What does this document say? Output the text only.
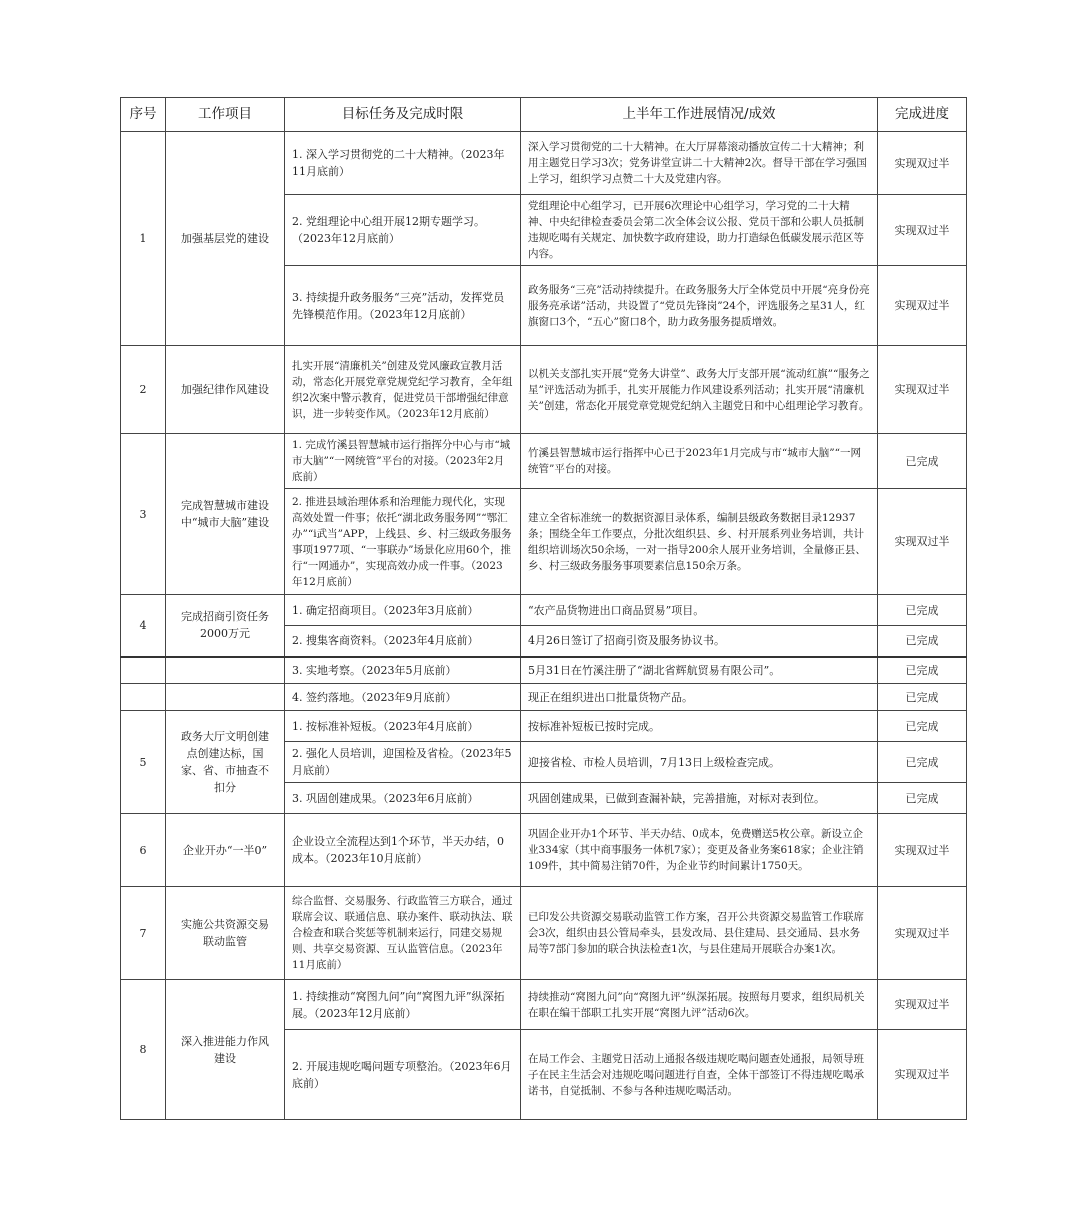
序号	工作项目	目标任务及完成时限	上半年工作进展情况/成效	完成进度
1	加强基层党的建设	1. 深入学习贯彻党的二十大精神。（2023年11月底前）	深入学习贯彻党的二十大精神。在大厅屏幕滚动播放宣传二十大精神；利用主题党日学习3次；党务讲堂宣讲二十大精神2次。督导干部在学习强国上学习，组织学习点赞二十大及党建内容。	实现双过半
		2. 党组理论中心组开展12期专题学习。（2023年12月底前）	党组理论中心组学习，已开展6次理论中心组学习，学习党的二十大精神、中央纪律检查委员会第二次全体会议公报、党员干部和公职人员抵制违规吃喝有关规定、加快数字政府建设，助力打造绿色低碳发展示范区等内容。	实现双过半
		3. 持续提升政务服务“三亮”活动，发挥党员先锋模范作用。（2023年12月底前）	政务服务“三亮”活动持续提升。在政务服务大厅全体党员中开展“亮身份亮服务亮承诺”活动，共设置了“党员先锋岗”24个，评选服务之星31人，红旗窗口3个，“五心”窗口8个，助力政务服务提质增效。	实现双过半
2	加强纪律作风建设	扎实开展“清廉机关”创建及党风廉政宣教月活动，常态化开展党章党规党纪学习教育，全年组织2次案中警示教育，促进党员干部增强纪律意识，进一步转变作风。（2023年12月底前）	以机关支部扎实开展“党务大讲堂”、政务大厅支部开展“流动红旗”“服务之星”评选活动为抓手，扎实开展能力作风建设系列活动；扎实开展“清廉机关”创建，常态化开展党章党规党纪纳入主题党日和中心组理论学习教育。	实现双过半
3	完成智慧城市建设中“城市大脑”建设	1. 完成竹溪县智慧城市运行指挥分中心与市“城市大脑”“一网统管”平台的对接。（2023年2月底前）	竹溪县智慧城市运行指挥中心已于2023年1月完成与市“城市大脑”“一网统管”平台的对接。	已完成
		2. 推进县域治理体系和治理能力现代化，实现高效处置一件事；依托“湖北政务服务网”“鄂汇办”“i武当”APP，上线县、乡、村三级政务服务事项1977项、“一事联办”场景化应用60个，推行“一网通办”，实现高效办成一件事。（2023年12月底前）	建立全省标准统一的数据资源目录体系，编制县级政务数据目录12937条；围绕全年工作要点，分批次组织县、乡、村开展系列业务培训，共计组织培训场次50余场，一对一指导200余人展开业务培训，全量修正县、乡、村三级政务服务事项要素信息150余万条。	实现双过半
4	完成招商引资任务2000万元	1. 确定招商项目。（2023年3月底前）	“农产品货物进出口商品贸易”项目。	已完成
		2. 搜集客商资料。（2023年4月底前）	4月26日签订了招商引资及服务协议书。	已完成
		3. 实地考察。（2023年5月底前）	5月31日在竹溪注册了“湖北省辉航贸易有限公司”。	已完成
		4. 签约落地。（2023年9月底前）	现正在组织进出口批量货物产品。	已完成
5	政务大厅文明创建点创建达标，国家、省、市抽查不扣分	1. 按标准补短板。（2023年4月底前）	按标准补短板已按时完成。	已完成
		2. 强化人员培训，迎国检及省检。（2023年5月底前）	迎接省检、市检人员培训，7月13日上级检查完成。	已完成
		3. 巩固创建成果。（2023年6月底前）	巩固创建成果，已做到查漏补缺，完善措施，对标对表到位。	已完成
6	企业开办“一半0”	企业设立全流程达到1个环节，半天办结，0成本。（2023年10月底前）	巩固企业开办1个环节、半天办结、0成本，免费赠送5枚公章。新设立企业334家（其中商事服务一体机7家）；变更及备业务案618家；企业注销109件，其中简易注销70件，为企业节约时间累计1750天。	实现双过半
7	实施公共资源交易联动监管	综合监督、交易服务、行政监管三方联合，通过联席会议、联通信息、联办案件、联动执法、联合检查和联合奖惩等机制来运行，同建交易规则、共享交易资源、互认监管信息。（2023年11月底前）	已印发公共资源交易联动监管工作方案，召开公共资源交易监管工作联席会3次，组织由县公管局牵头，县发改局、县住建局、县交通局、县水务局等7部门参加的联合执法检查1次，与县住建局开展联合办案1次。	实现双过半
8	深入推进能力作风建设	1. 持续推动“窝图九问”向“窝图九评”纵深拓展。（2023年12月底前）	持续推动“窝图九问”向“窝图九评”纵深拓展。按照每月要求，组织局机关在职在编干部职工扎实开展“窝图九评”活动6次。	实现双过半
		2. 开展违规吃喝问题专项整治。（2023年6月底前）	在局工作会、主题党日活动上通报各级违规吃喝问题查处通报，局领导班子在民主生活会对违规吃喝问题进行自查，全体干部签订不得违规吃喝承诺书，自觉抵制、不参与各种违规吃喝活动。	实现双过半
